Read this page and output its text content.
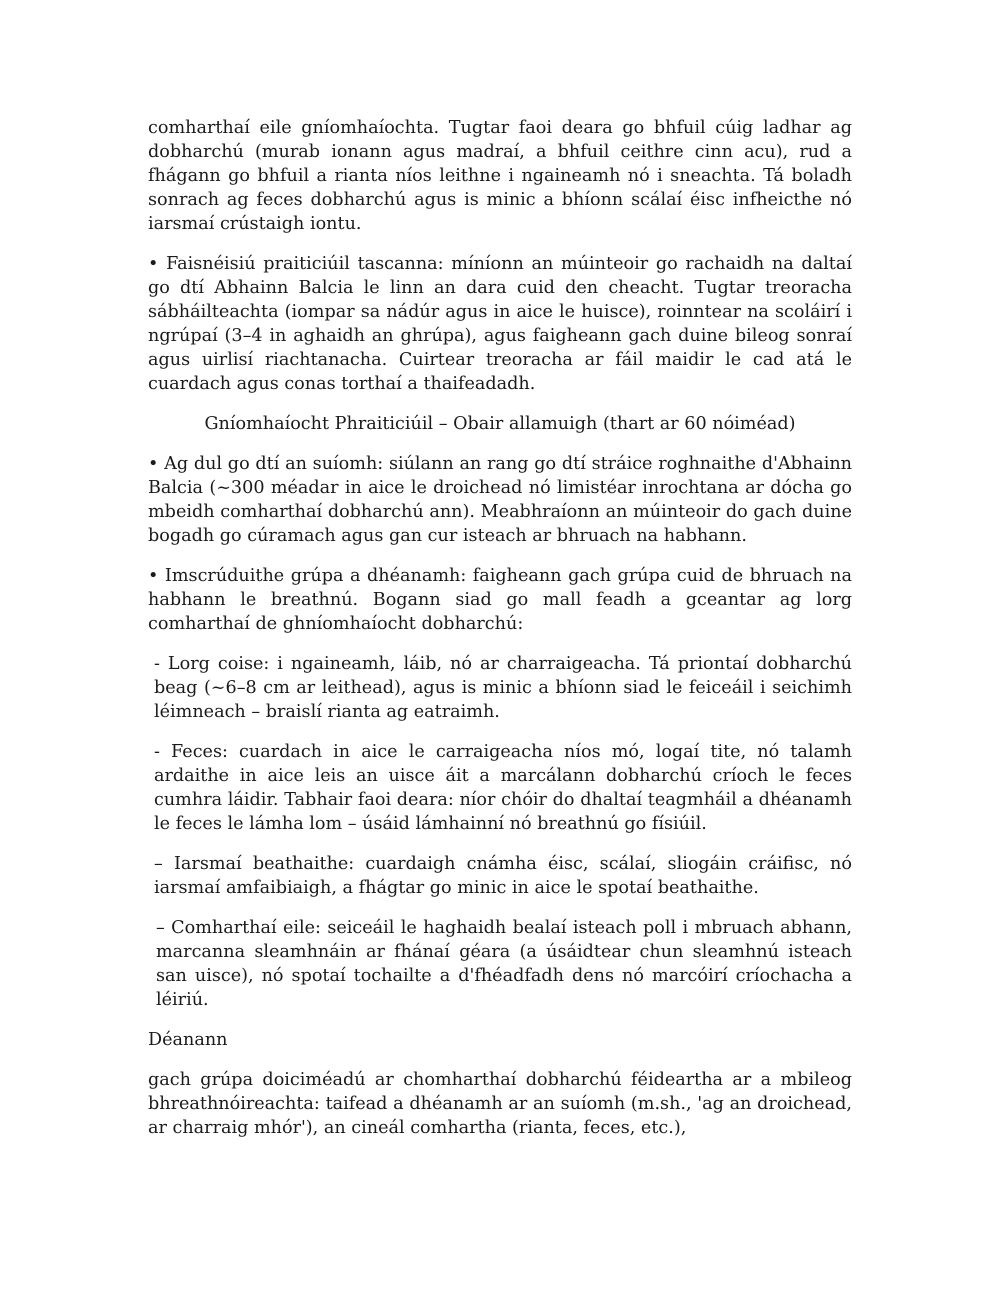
comharthaí eile gníomhaíochta. Tugtar faoi deara go bhfuil cúig ladhar ag dobharchú (murab ionann agus madraí, a bhfuil ceithre cinn acu), rud a fhágann go bhfuil a rianta níos leithne i ngaineamh nó i sneachta. Tá boladh sonrach ag feces dobharchú agus is minic a bhíonn scálaí éisc infheicthe nó iarsmaí crústaigh iontu.

• Faisnéisiú praiticiúil tascanna: míníonn an múinteoir go rachaidh na daltaí go dtí Abhainn Balcia le linn an dara cuid den cheacht. Tugtar treoracha sábháilteachta (iompar sa nádúr agus in aice le huisce), roinntear na scoláirí i ngrúpaí (3–4 in aghaidh an ghrúpa), agus faigheann gach duine bileog sonraí agus uirlisí riachtanacha. Cuirtear treoracha ar fáil maidir le cad atá le cuardach agus conas torthaí a thaifeadadh.

Gníomhaíocht Phraiticiúil – Obair allamuigh (thart ar 60 nóiméad)

• Ag dul go dtí an suíomh: siúlann an rang go dtí stráice roghnaithe d'Abhainn Balcia (~300 méadar in aice le droichead nó limistéar inrochtana ar dócha go mbeidh comharthaí dobharchú ann). Meabhraíonn an múinteoir do gach duine bogadh go cúramach agus gan cur isteach ar bhruach na habhann.

• Imscrúduithe grúpa a dhéanamh: faigheann gach grúpa cuid de bhruach na habhann le breathnú. Bogann siad go mall feadh a gceantar ag lorg comharthaí de ghníomhaíocht dobharchú:

- Lorg coise: i ngaineamh, láib, nó ar charraigeacha. Tá priontaí dobharchú beag (~6–8 cm ar leithead), agus is minic a bhíonn siad le feiceáil i seichimh léimneach – braislí rianta ag eatraimh.

- Feces: cuardach in aice le carraigeacha níos mó, logaí tite, nó talamh ardaithe in aice leis an uisce áit a marcálann dobharchú críoch le feces cumhra láidir. Tabhair faoi deara: níor chóir do dhaltaí teagmháil a dhéanamh le feces le lámha lom – úsáid lámhainní nó breathnú go físiúil.

– Iarsmaí beathaithe: cuardaigh cnámha éisc, scálaí, sliogáin cráifisc, nó iarsmaí amfaibiaigh, a fhágtar go minic in aice le spotaí beathaithe.

– Comharthaí eile: seiceáil le haghaidh bealaí isteach poll i mbruach abhann, marcanna sleamhnáin ar fhánaí géara (a úsáidtear chun sleamhnú isteach san uisce), nó spotaí tochailte a d'fhéadfadh dens nó marcóirí críochacha a léiriú.

Déanann

gach grúpa doiciméadú ar chomharthaí dobharchú féideartha ar a mbileog bhreathnóireachta: taifead a dhéanamh ar an suíomh (m.sh., 'ag an droichead, ar charraig mhór'), an cineál comhartha (rianta, feces, etc.),
